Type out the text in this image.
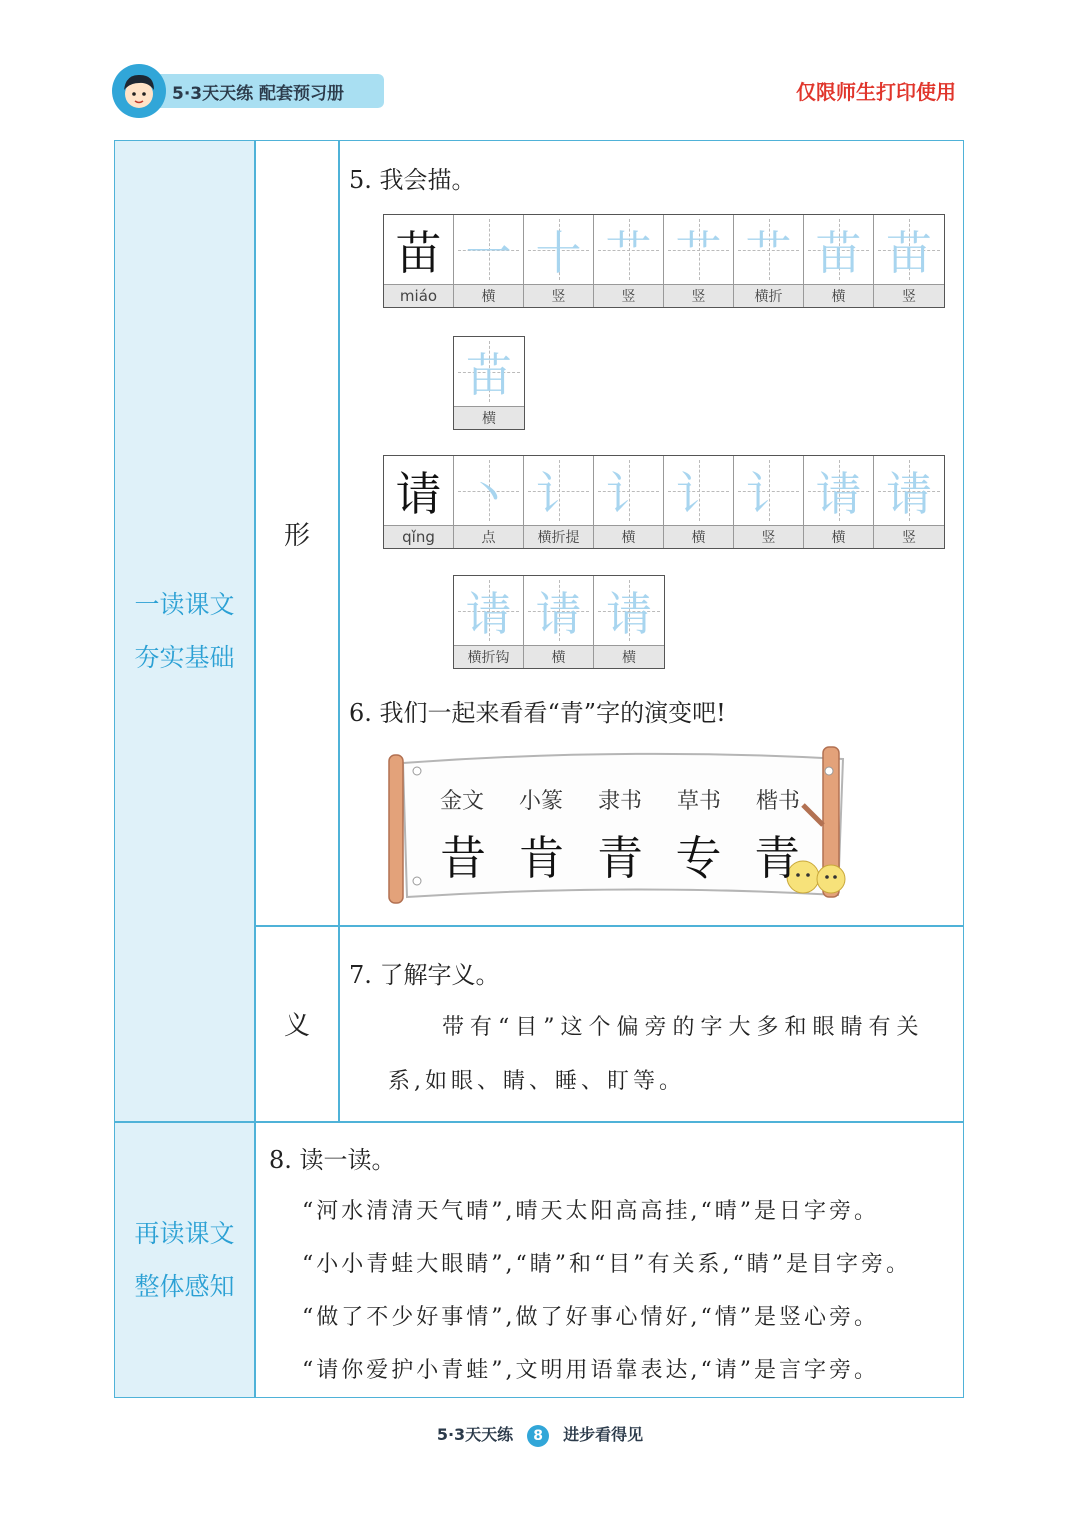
5·3天天练 配套预习册	仅限师生打印使用
一读课文
夯实基础
再读课文
整体感知
形
义
5. 我会描。
苗
miáo
一
横
十
竖
艹
竖
艹
竖
艹
横折
苗
横
苗
竖
苗
横
请
qǐng
丶
点
讠
横折提
讠
横
讠
横
讠
竖
请
横
请
竖
请
横折钩
请
横
请
横
6. 我们一起来看看“青”字的演变吧!
金文 小篆 隶书 草书 楷书
昔 肯 青 专 青
7. 了解字义。
带有“目”这个偏旁的字大多和眼睛有关
系,如眼、睛、睡、盯等。
8. 读一读。
“河水清清天气晴”,晴天太阳高高挂,“晴”是日字旁。
“小小青蛙大眼睛”,“睛”和“目”有关系,“睛”是目字旁。
“做了不少好事情”,做了好事心情好,“情”是竖心旁。
“请你爱护小青蛙”,文明用语靠表达,“请”是言字旁。
5·3天天练 8 进步看得见
